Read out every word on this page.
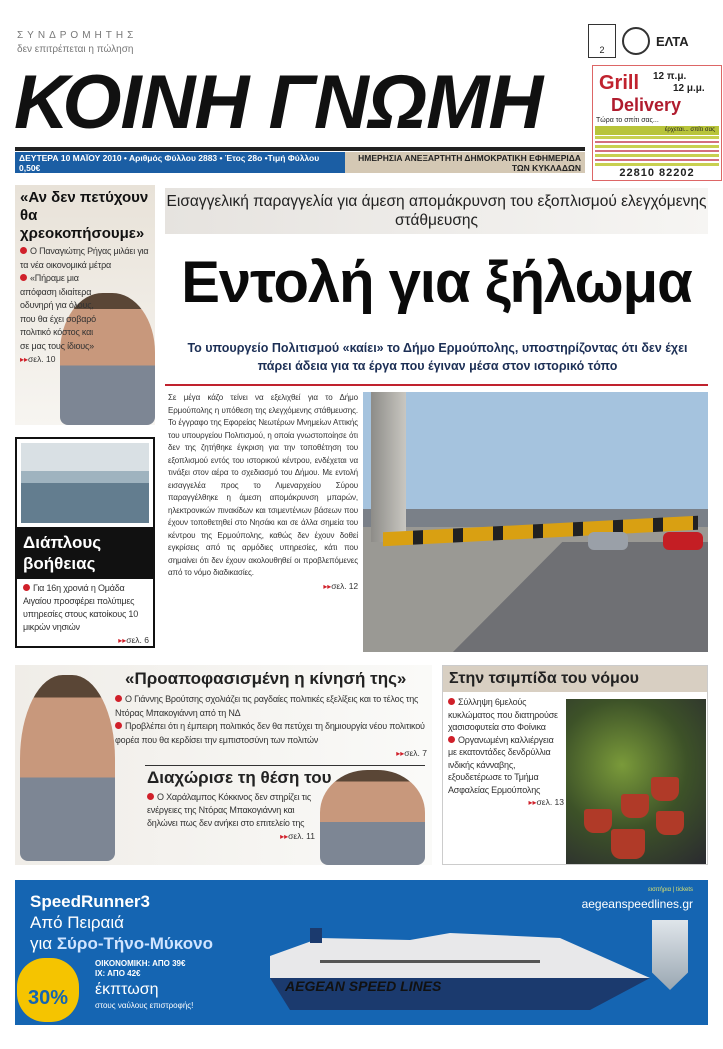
ΣΥΝΔΡΟΜΗΤΗΣ
δεν επιτρέπεται η πώληση
ΚΟΙΝΗ ΓΝΩΜΗ
ΔΕΥΤΕΡΑ 10 ΜΑΪΟΥ 2010 • Αριθμός Φύλλου 2883 • Έτος 28ο •Τιμή Φύλλου 0,50€
ΗΜΕΡΗΣΙΑ ΑΝΕΞΑΡΤΗΤΗ ΔΗΜΟΚΡΑΤΙΚΗ ΕΦΗΜΕΡΙΔΑ ΤΩΝ ΚΥΚΛΑΔΩΝ
2
ΕΛΤΑ
Grill 12 π.μ.
12 μ.μ.
Delivery
Τώρα το σπίτι σας...
έρχεται... σπίτι σας
22810 82202
«Αν δεν πετύχουν θα χρεοκοπήσουμε»
Ο Παναγιώτης Ρήγας μιλάει για τα νέα οικονομικά μέτρα
«Πήραμε μια απόφαση ιδιαίτερα οδυνηρή για όλους, που θα έχει σοβαρό πολιτικό κόστος και σε μας τους ίδιους»
▸▸σελ. 10
Διάπλους βοήθειας
Για 16η χρονιά η Ομάδα Αιγαίου προσφέρει πολύτιμες υπηρεσίες στους κατοίκους 10 μικρών νησιών
▸▸σελ. 6
Εισαγγελική παραγγελία για άμεση απομάκρυνση του εξοπλισμού ελεγχόμενης στάθμευσης
Εντολή για ξήλωμα
Το υπουργείο Πολιτισμού «καίει» το Δήμο Ερμούπολης, υποστηρίζοντας ότι δεν έχει πάρει άδεια για τα έργα που έγιναν μέσα στον ιστορικό τόπο
Σε μέγα κάζο τείνει να εξελιχθεί για το Δήμο Ερμούπολης η υπόθεση της ελεγχόμενης στάθμευσης. Το έγγραφο της Εφορείας Νεωτέρων Μνημείων Αττικής του υπουργείου Πολιτισμού, η οποία γνωστοποίησε ότι δεν της ζητήθηκε έγκριση για την τοποθέτηση του εξοπλισμού εντός του ιστορικού κέντρου, ενδέχεται να τινάξει στον αέρα το σχεδιασμό του Δήμου. Με εντολή εισαγγελέα προς το Λιμεναρχείου Σύρου παραγγέλθηκε η άμεση απομάκρυνση μπαρών, ηλεκτρονικών πινακίδων και τσιμεντένιων βάσεων που έχουν τοποθετηθεί στο Νησάκι και σε άλλα σημεία του κέντρου της Ερμούπολης, καθώς δεν έχουν δοθεί εγκρίσεις από τις αρμόδιες υπηρεσίες, κάτι που σημαίνει ότι δεν έχουν ακολουθηθεί οι προβλεπόμενες από το νόμο διαδικασίες.
▸▸σελ. 12
«Προαποφασισμένη η κίνησή της»
Ο Γιάννης Βρούτσης σχολιάζει τις ραγδαίες πολιτικές εξελίξεις και το τέλος της Ντόρας Μπακογιάννη από τη ΝΔ
Προβλέπει ότι η έμπειρη πολιτικός δεν θα πετύχει τη δημιουργία νέου πολιτικού φορέα που θα κερδίσει την εμπιστοσύνη των πολιτών
▸▸σελ. 7
Διαχώρισε τη θέση του
Ο Χαράλαμπος Κόκκινος δεν στηρίζει τις ενέργειες της Ντόρας Μπακογιάννη και δηλώνει πως δεν ανήκει στο επιτελείο της
▸▸σελ. 11
Στην τσιμπίδα του νόμου
Σύλληψη 6μελούς κυκλώματος που διατηρούσε χασισοφυτεία στο Φοίνικα
Οργανωμένη καλλιέργεια με εκατοντάδες δενδρύλλια ινδικής κάνναβης, εξουδετέρωσε το Τμήμα Ασφαλείας Ερμούπολης
▸▸σελ. 13
SpeedRunner3
Από Πειραιά
για Σύρο-Τήνο-Μύκονο
30%
ΟΙΚΟΝΟΜΙΚΗ: ΑΠΟ 39€
ΙΧ: ΑΠΟ 42€
έκπτωση
στους ναύλους επιστροφής!
AEGEAN SPEED LINES
εισιτήρια | tickets
aegeanspeedlines.gr
